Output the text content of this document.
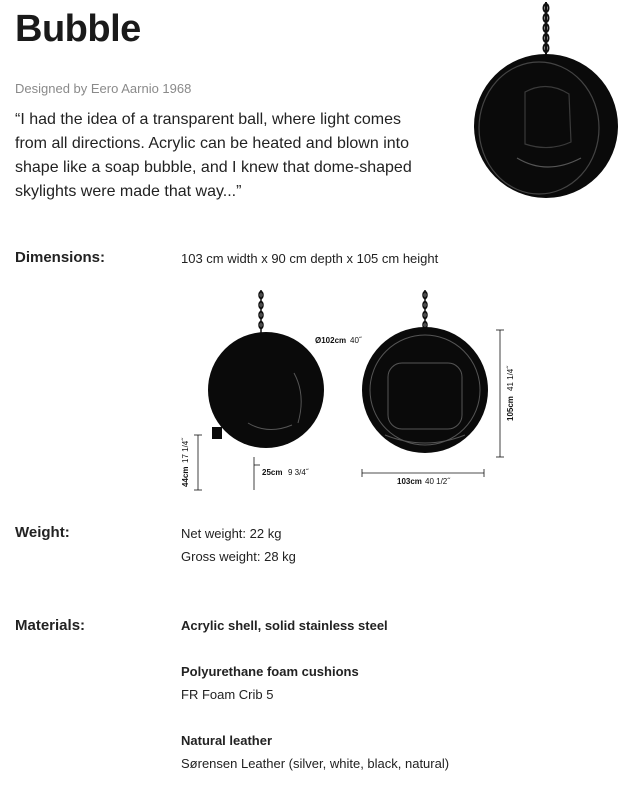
Bubble
Designed by Eero Aarnio 1968
“I had the idea of a transparent ball, where light comes from all directions. Acrylic can be heated and blown into shape like a soap bubble, and I knew that dome-shaped skylights were made that way...”
Dimensions:	103 cm width x 90 cm depth x 105 cm height
Ø102cm 40˝
44cm
17 1/4˝
25cm 9 3/4˝
105cm
41 1/4˝
103cm 40 1/2˝
Weight:	Net weight: 22 kg
Gross weight: 28 kg
Materials:	Acrylic shell, solid stainless steel
Polyurethane foam cushions
FR Foam Crib 5
Natural leather
Sørensen Leather (silver, white, black, natural)
